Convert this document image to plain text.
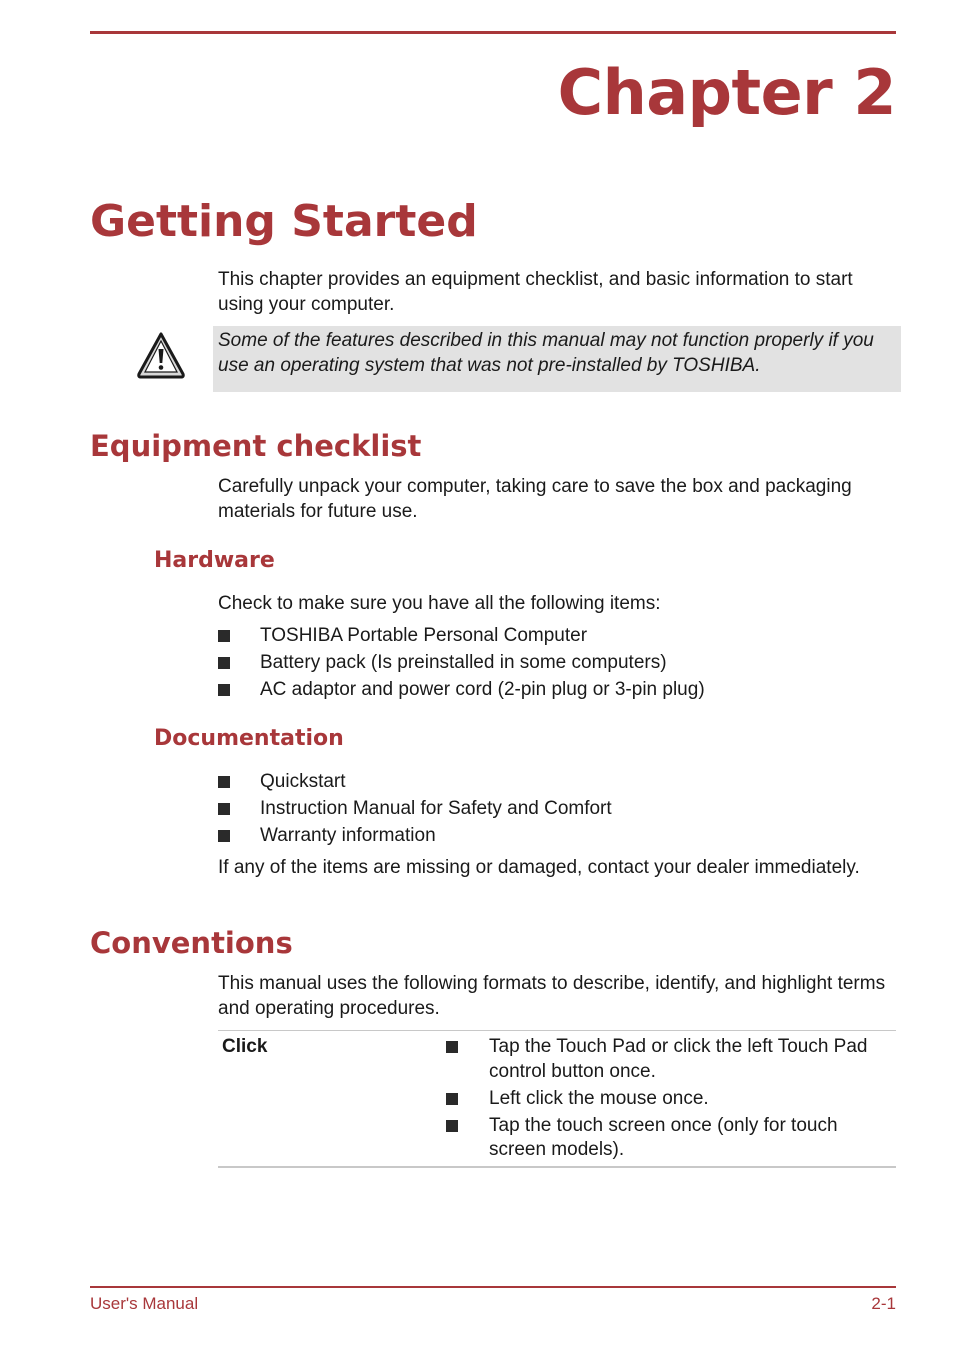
Chapter 2
Getting Started

This chapter provides an equipment checklist, and basic information to start using your computer.

Some of the features described in this manual may not function properly if you use an operating system that was not pre-installed by TOSHIBA.

Equipment checklist

Carefully unpack your computer, taking care to save the box and packaging materials for future use.

Hardware

Check to make sure you have all the following items:

TOSHIBA Portable Personal Computer
Battery pack (Is preinstalled in some computers)
AC adaptor and power cord (2-pin plug or 3-pin plug)
Documentation
Quickstart
Instruction Manual for Safety and Comfort
Warranty information

If any of the items are missing or damaged, contact your dealer immediately.

Conventions

This manual uses the following formats to describe, identify, and highlight terms and operating procedures.

Click	Tap the Touch Pad or click the left Touch Pad control button once.
Left click the mouse once.
Tap the touch screen once (only for touch screen models).

User's Manual	2-1
